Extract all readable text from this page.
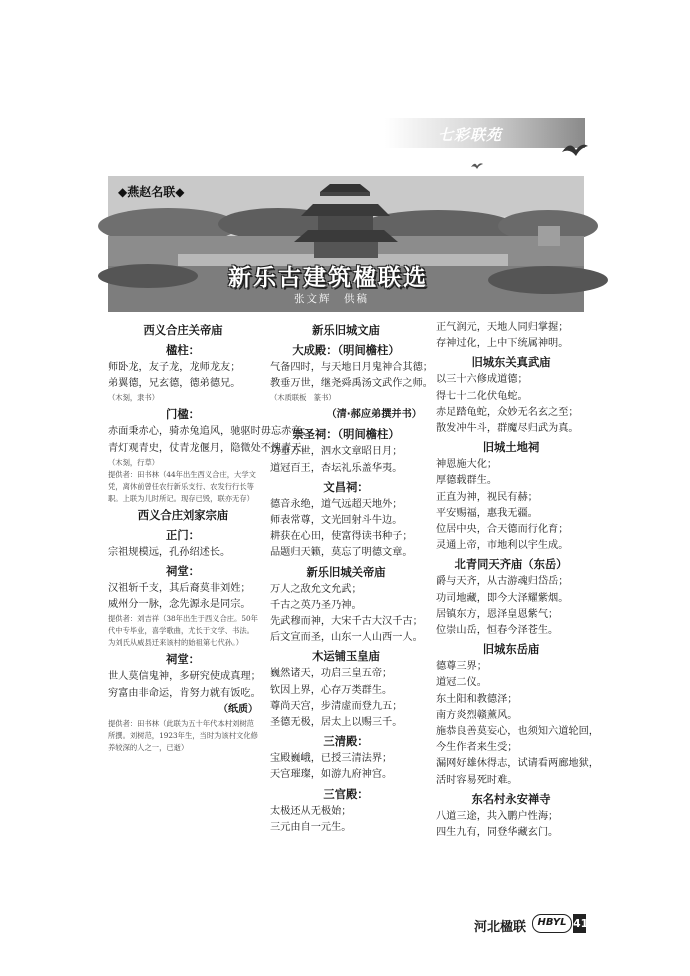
七彩联苑
◆燕赵名联◆
新乐古建筑楹联选
张文辉　供稿
西义合庄关帝庙
楹柱：
师卧龙，友子龙，龙师龙友；
弟翼德，兄玄德，德弟德兄。
（木刻，隶书）
门楹：
赤面秉赤心，骑赤兔追风，驰驱时毋忘赤帝；
青灯观青史，仗青龙偃月，隐微处不愧青天。
（木刻，行草）
提供者：田书林（44年出生西义合庄，大学文凭，离休前曾任农行新乐支行、农发行行长等职。上联为儿时所记。现存已毁，联亦无存）
西义合庄刘家宗庙
正门：
宗祖规模远，孔孙绍述长。
祠堂：
汉祖斩千支，其后裔莫非刘姓；
威州分一脉，念先源永是同宗。
提供者：刘吉祥（38年出生于西义合庄。50年代中专毕业，喜学歌曲，尤长于文学、书法。为刘氏从威县迁来该村的始祖第七代孙。）
祠堂：
世人莫信鬼神，多研究使成真理；
穷富由非命运，肯努力就有饭吃。
（纸质）
提供者：田书林（此联为五十年代本村刘树范所撰。刘树范，1923年生，当时为该村文化修养较深的人之一，已逝）
新乐旧城文庙
大成殿：（明间檐柱）
气备四时，与天地日月鬼神合其德；
教垂万世，继尧舜禹汤文武作之师。
（木质联板　篆书）
（清·郝应弟撰并书）
崇圣祠：（明间檐柱）
功垂万世，泗水文章昭日月；
道冠百王，杏坛礼乐盖华夷。
文昌祠：
德音永绝，道气远超天地外；
师表常尊，文光回射斗牛边。
耕获在心田，使富得读书种子；
品题归天籁，莫忘了明德文章。
新乐旧城关帝庙
万人之敌允文允武；
千古之英乃圣乃神。
先武穆而神，大宋千古大汉千古；
后文宣而圣，山东一人山西一人。
木运铺玉皇庙
巍然诸天，功启三皇五帝；
钦因上界，心存万类群生。
尊尚天宫，步清虚而登九五；
圣德无极，居太上以赐三千。
三清殿：
宝殿巍峨，已授三清法界；
天宫璀璨，如游九府神宫。
三官殿：
太极还从无极始；
三元由自一元生。
正气润元，天地人同归掌握；
存神过化，上中下统属神明。
旧城东关真武庙
以三十六修成道德；
得七十二化伏龟蛇。
赤足踏龟蛇，众妙无名玄之至；
散发冲牛斗，群魔尽归武为真。
旧城土地祠
神恩施大化；
厚德载群生。
正直为神，视民有赫；
平安赐福，惠我无疆。
位居中央，合天德而行化育；
灵通上帝，市地利以宇生成。
北青同天齐庙（东岳）
爵与天齐，从古游魂归岱岳；
功司地藏，即今大泽耀紫烟。
居镇东方，恩泽皇恩紫气；
位崇山岳，恒春今泽苍生。
旧城东岳庙
德尊三界；
道冠二仪。
东土阳和教德泽；
南方炎烈赣薰风。
施恭良善莫妄心，也须知六道轮回，
今生作者来生受；
漏网好雄休得志，试请看两廊地狱，
活时容易死时难。
东名村永安禅寺
八道三途，共入鹏户性海；
四生九有，同登华藏玄门。
河北楹联	HBYL 41
